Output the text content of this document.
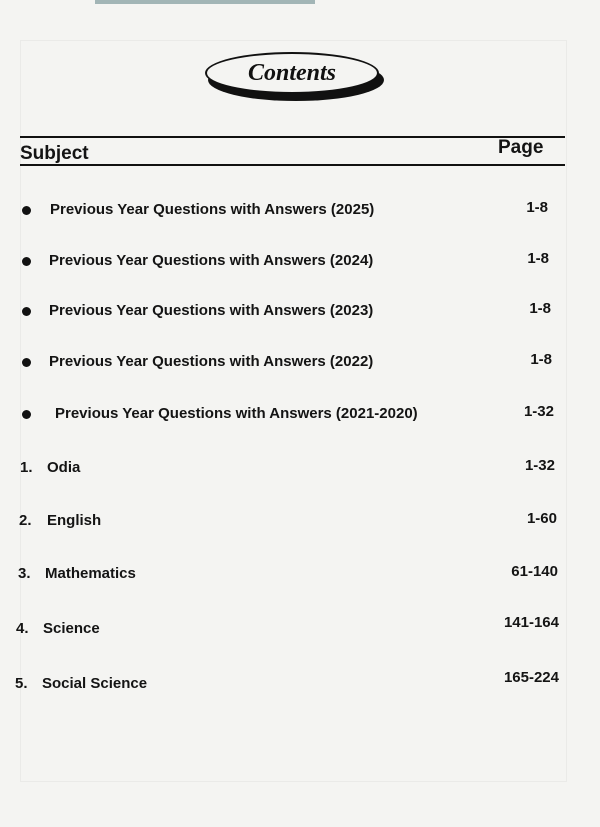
Contents
Subject	Page
Previous Year Questions with Answers (2025)	1-8
Previous Year Questions with Answers (2024)	1-8
Previous Year Questions with Answers (2023)	1-8
Previous Year Questions with Answers (2022)	1-8
Previous Year Questions with Answers (2021-2020)	1-32
1. Odia	1-32
2. English	1-60
3. Mathematics	61-140
4. Science	141-164
5. Social Science	165-224
